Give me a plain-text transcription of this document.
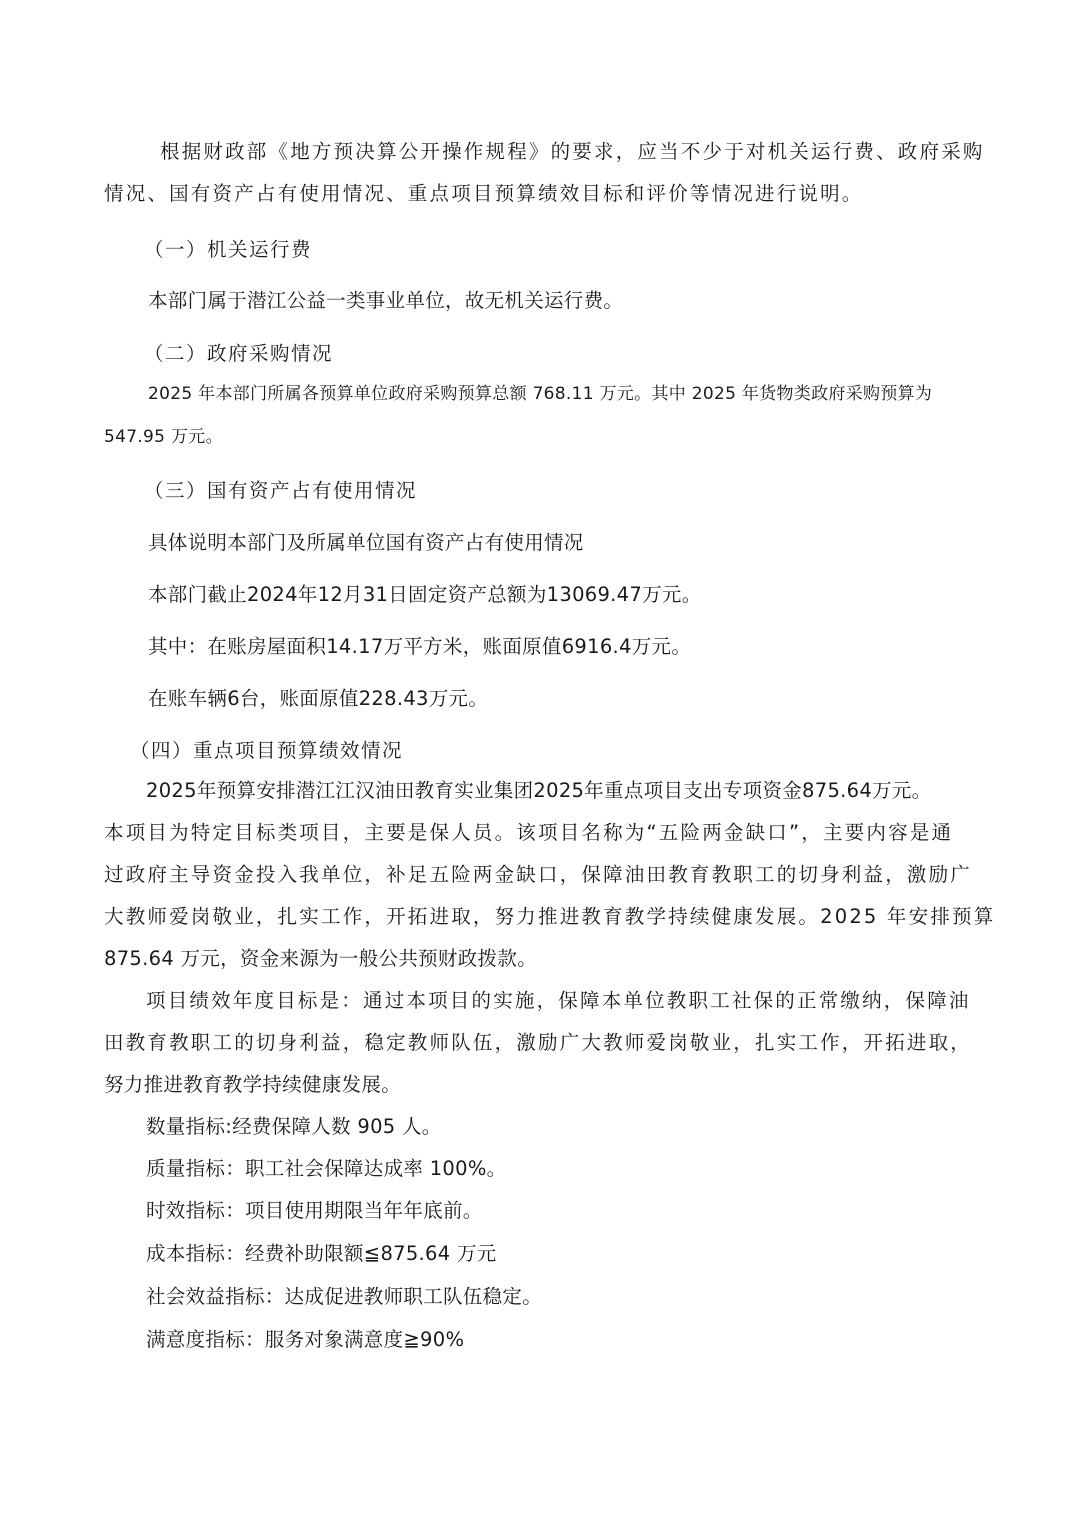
根据财政部《地方预决算公开操作规程》的要求，应当不少于对机关运行费、政府采购
情况、国有资产占有使用情况、重点项目预算绩效目标和评价等情况进行说明。
（一）机关运行费
本部门属于潜江公益一类事业单位，故无机关运行费。
（二）政府采购情况
2025 年本部门所属各预算单位政府采购预算总额 768.11 万元。其中 2025 年货物类政府采购预算为
547.95 万元。
（三）国有资产占有使用情况
具体说明本部门及所属单位国有资产占有使用情况
本部门截止2024年12月31日固定资产总额为13069.47万元。
其中：在账房屋面积14.17万平方米，账面原值6916.4万元。
在账车辆6台，账面原值228.43万元。
（四）重点项目预算绩效情况
2025年预算安排潜江江汉油田教育实业集团2025年重点项目支出专项资金875.64万元。
本项目为特定目标类项目，主要是保人员。该项目名称为“五险两金缺口”，主要内容是通
过政府主导资金投入我单位，补足五险两金缺口，保障油田教育教职工的切身利益，激励广
大教师爱岗敬业，扎实工作，开拓进取，努力推进教育教学持续健康发展。2025 年安排预算
875.64 万元，资金来源为一般公共预财政拨款。
项目绩效年度目标是：通过本项目的实施，保障本单位教职工社保的正常缴纳，保障油
田教育教职工的切身利益，稳定教师队伍，激励广大教师爱岗敬业，扎实工作，开拓进取，
努力推进教育教学持续健康发展。
数量指标:经费保障人数 905 人。
质量指标：职工社会保障达成率 100%。
时效指标：项目使用期限当年年底前。
成本指标：经费补助限额≦875.64 万元
社会效益指标：达成促进教师职工队伍稳定。
满意度指标：服务对象满意度≧90%
